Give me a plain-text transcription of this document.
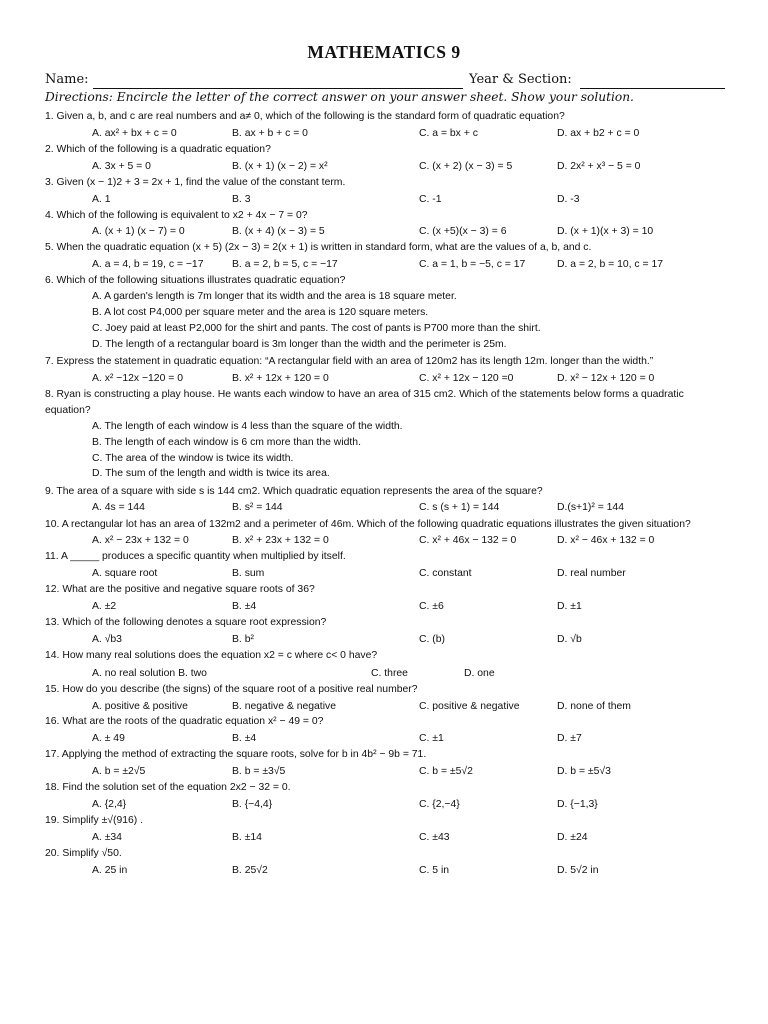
MATHEMATICS 9
Name:	Year & Section:
Directions: Encircle the letter of the correct answer on your answer sheet. Show your solution.
1. Given a, b, and c are real numbers and a≠ 0, which of the following is the standard form of quadratic equation?
A. ax² + bx + c = 0	B. ax + b + c = 0	C. a = bx + c	D. ax + b2 + c = 0
2. Which of the following is a quadratic equation?
A. 3x + 5 = 0	B. (x + 1) (x − 2) = x²	C. (x + 2) (x − 3) = 5	D. 2x² + x³ − 5 = 0
3. Given (x − 1)2 + 3 = 2x + 1, find the value of the constant term.
A. 1	B. 3	C. -1	D. -3
4. Which of the following is equivalent to x2 + 4x − 7 = 0?
A. (x + 1) (x − 7) = 0	B. (x + 4) (x − 3) = 5	C. (x +5)(x − 3) = 6	D. (x + 1)(x + 3) = 10
5. When the quadratic equation (x + 5) (2x − 3) = 2(x + 1) is written in standard form, what are the values of a, b, and c.
A. a = 4, b = 19, c = −17	B. a = 2, b = 5, c = −17	C. a = 1, b = −5, c = 17	D. a = 2, b = 10, c = 17
6. Which of the following situations illustrates quadratic equation?
A. A garden's length is 7m longer that its width and the area is 18 square meter.
B. A lot cost P4,000 per square meter and the area is 120 square meters.
C. Joey paid at least P2,000 for the shirt and pants. The cost of pants is P700 more than the shirt.
D. The length of a rectangular board is 3m longer than the width and the perimeter is 25m.
7. Express the statement in quadratic equation: “A rectangular field with an area of 120m2 has its length 12m. longer than the width.”
A. x² −12x −120 = 0	B. x² + 12x + 120 = 0	C. x² + 12x − 120 =0	D. x² − 12x + 120 = 0
8. Ryan is constructing a play house. He wants each window to have an area of 315 cm2. Which of the statements below forms a quadratic
equation?
A. The length of each window is 4 less than the square of the width.
B. The length of each window is 6 cm more than the width.
C. The area of the window is twice its width.
D. The sum of the length and width is twice its area.
9. The area of a square with side s is 144 cm2. Which quadratic equation represents the area of the square?
A. 4s = 144	B. s² = 144	C. s (s + 1) = 144	D.(s+1)² = 144
10. A rectangular lot has an area of 132m2 and a perimeter of 46m. Which of the following quadratic equations illustrates the given situation?
A. x² − 23x + 132 = 0	B. x² + 23x + 132 = 0	C. x² + 46x − 132 = 0	D. x² − 46x + 132 = 0
11. A _____ produces a specific quantity when multiplied by itself.
A. square root	B. sum	C. constant	D. real number
12. What are the positive and negative square roots of 36?
A. ±2	B. ±4	C. ±6	D. ±1
13. Which of the following denotes a square root expression?
A. √b3	B. b²	C. (b)	D. √b
14. How many real solutions does the equation x2 = c where c< 0 have?
A. no real solution B. two	C. three	D. one
15. How do you describe (the signs) of the square root of a positive real number?
A. positive & positive	B. negative & negative	C. positive & negative	D. none of them
16. What are the roots of the quadratic equation x² − 49 = 0?
A. ± 49	B. ±4	C. ±1	D. ±7
17. Applying the method of extracting the square roots, solve for b in 4b² − 9b = 71.
A. b = ±2√5	B. b = ±3√5	C. b = ±5√2	D. b = ±5√3
18. Find the solution set of the equation 2x2 − 32 = 0.
A. {2,4}	B. {−4,4}	C. {2,−4}	D. {−1,3}
19. Simplify ±√(916) .
A. ±34	B. ±14	C. ±43	D. ±24
20. Simplify √50.
A. 25 in	B. 25√2	C. 5 in	D. 5√2 in
